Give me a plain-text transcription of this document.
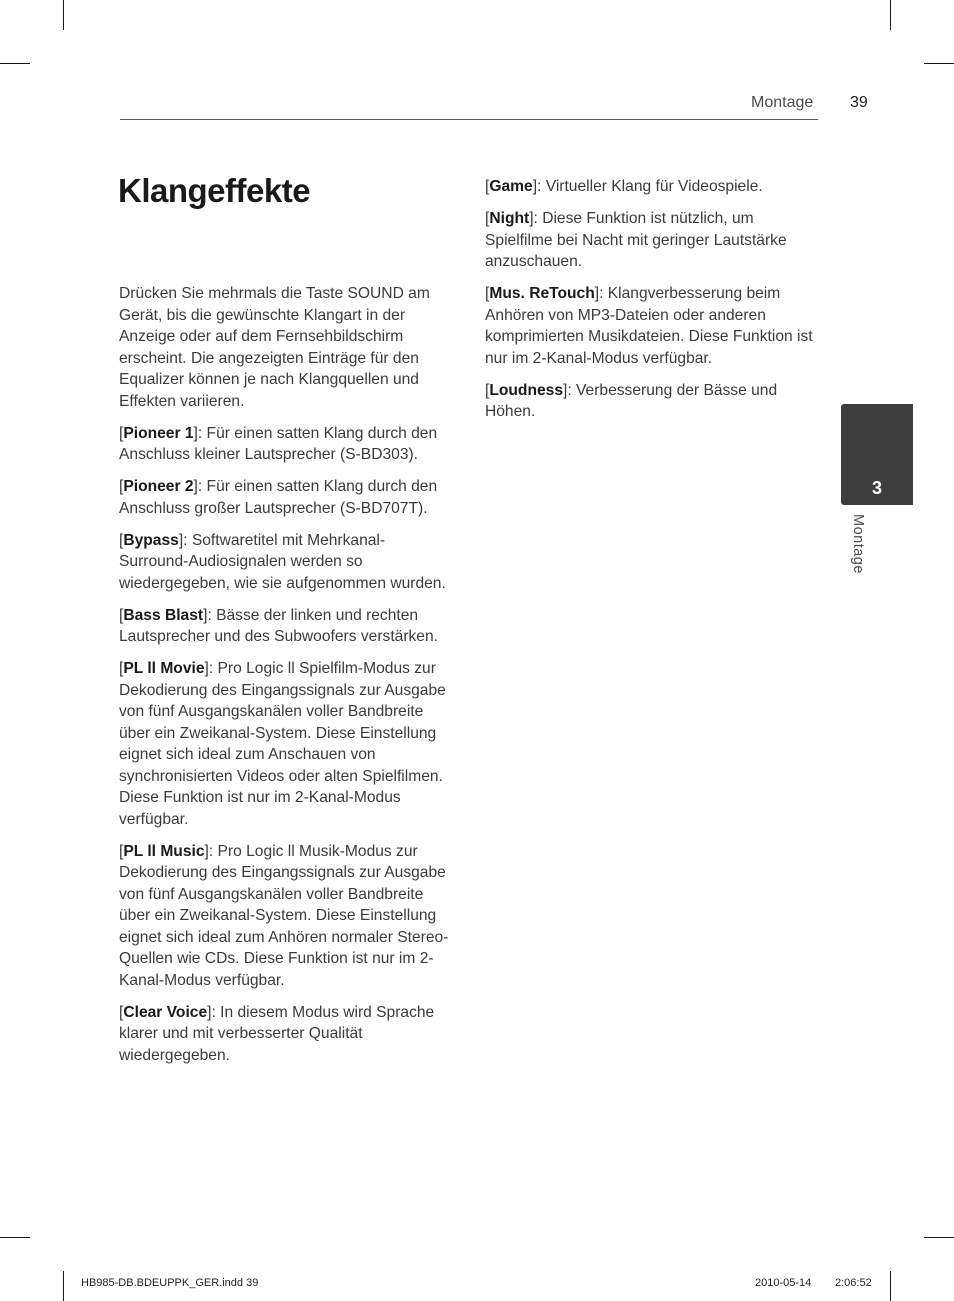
Montage 39
Klangeffekte

Drücken Sie mehrmals die Taste SOUND am Gerät, bis die gewünschte Klangart in der Anzeige oder auf dem Fernsehbildschirm erscheint. Die angezeigten Einträge für den Equalizer können je nach Klangquellen und Effekten variieren.

[Pioneer 1]: Für einen satten Klang durch den Anschluss kleiner Lautsprecher (S-BD303).

[Pioneer 2]: Für einen satten Klang durch den Anschluss großer Lautsprecher (S-BD707T).

[Bypass]: Softwaretitel mit Mehrkanal-Surround-Audiosignalen werden so wiedergegeben, wie sie aufgenommen wurden.

[Bass Blast]: Bässe der linken und rechten Lautsprecher und des Subwoofers verstärken.

[PL ll Movie]: Pro Logic ll Spielfilm-Modus zur Dekodierung des Eingangssignals zur Ausgabe von fünf Ausgangskanälen voller Bandbreite über ein Zweikanal-System. Diese Einstellung eignet sich ideal zum Anschauen von synchronisierten Videos oder alten Spielfilmen. Diese Funktion ist nur im 2-Kanal-Modus verfügbar.

[PL ll Music]: Pro Logic ll Musik-Modus zur Dekodierung des Eingangssignals zur Ausgabe von fünf Ausgangskanälen voller Bandbreite über ein Zweikanal-System. Diese Einstellung eignet sich ideal zum Anhören normaler Stereo-Quellen wie CDs. Diese Funktion ist nur im 2-Kanal-Modus verfügbar.

[Clear Voice]: In diesem Modus wird Sprache klarer und mit verbesserter Qualität wiedergegeben.

[Game]: Virtueller Klang für Videospiele.

[Night]: Diese Funktion ist nützlich, um Spielfilme bei Nacht mit geringer Lautstärke anzuschauen.

[Mus. ReTouch]: Klangverbesserung beim Anhören von MP3-Dateien oder anderen komprimierten Musikdateien. Diese Funktion ist nur im 2-Kanal-Modus verfügbar.

[Loudness]: Verbesserung der Bässe und Höhen.

3
Montage
HB985-DB.BDEUPPK_GER.indd 39	2010-05-14 2:06:52
